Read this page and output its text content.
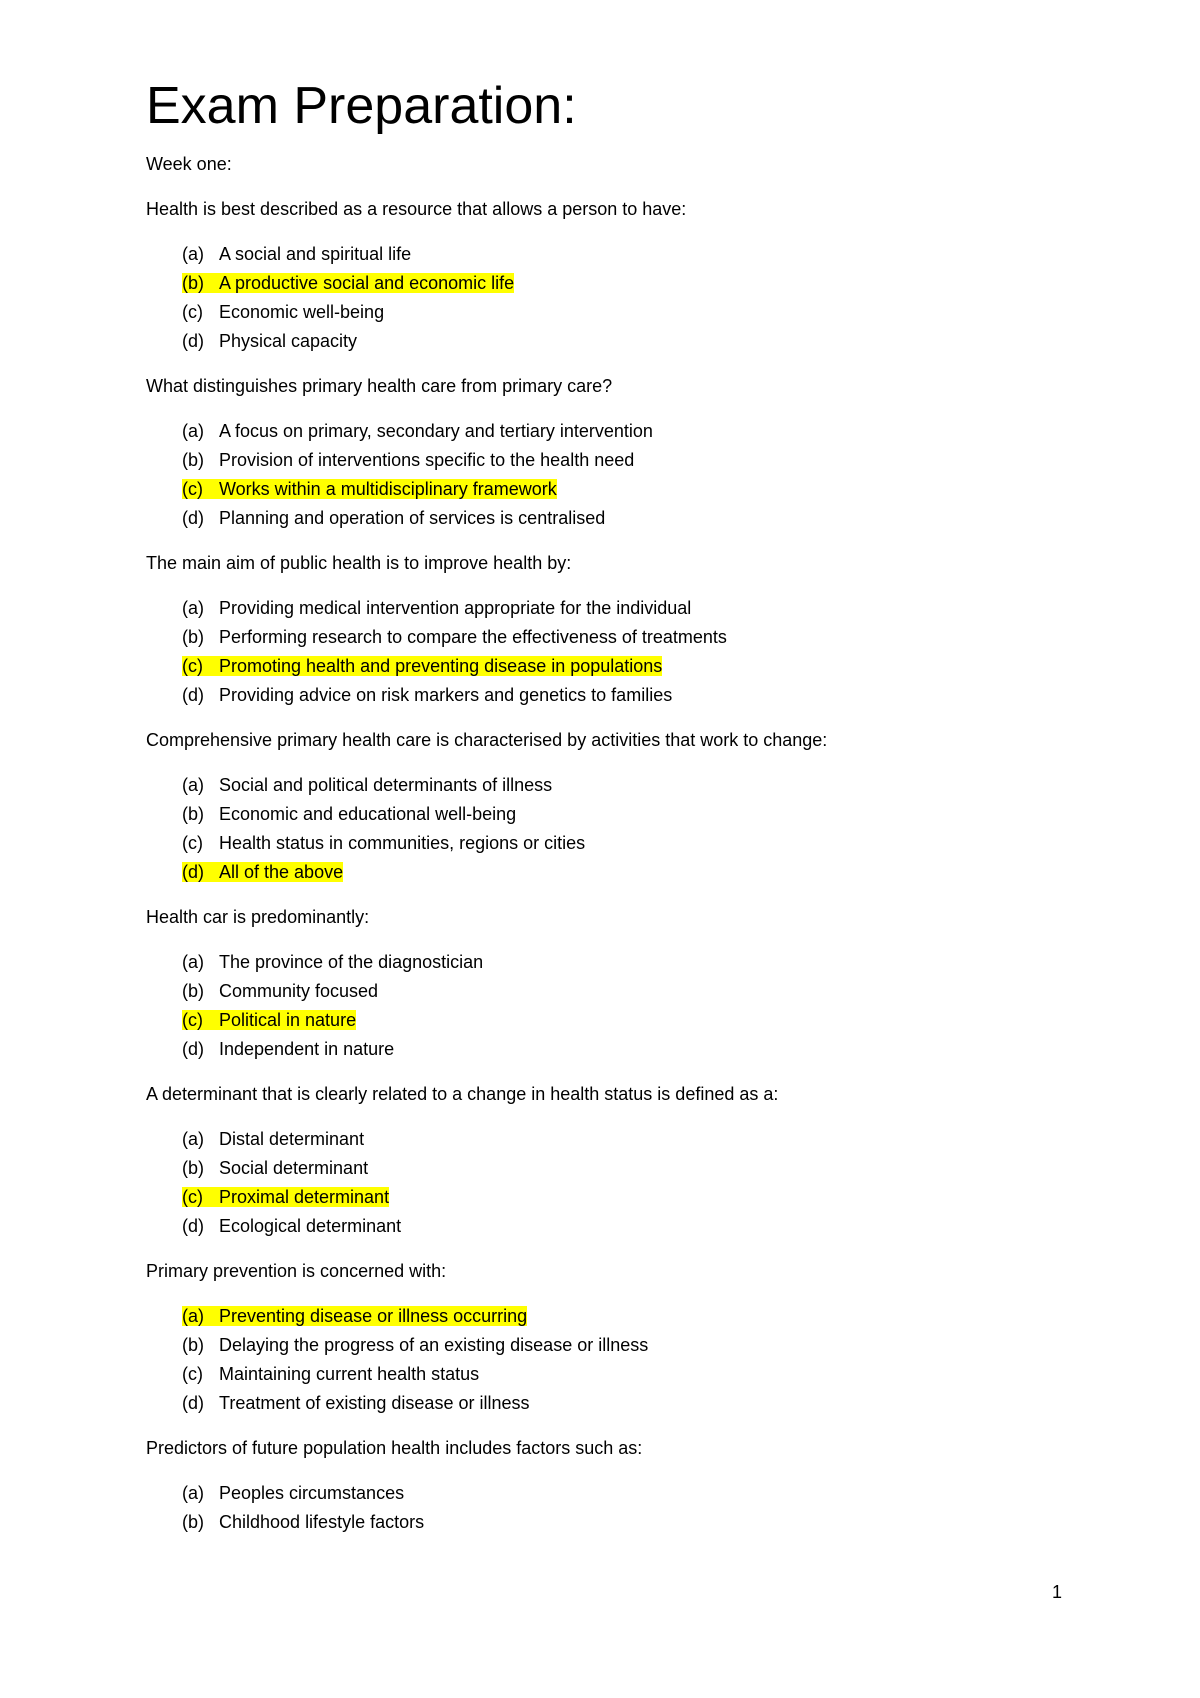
Exam Preparation:
Week one:
Health is best described as a resource that allows a person to have:
(a) A social and spiritual life
(b) A productive social and economic life
(c) Economic well-being
(d) Physical capacity
What distinguishes primary health care from primary care?
(a) A focus on primary, secondary and tertiary intervention
(b) Provision of interventions specific to the health need
(c) Works within a multidisciplinary framework
(d) Planning and operation of services is centralised
The main aim of public health is to improve health by:
(a) Providing medical intervention appropriate for the individual
(b) Performing research to compare the effectiveness of treatments
(c) Promoting health and preventing disease in populations
(d) Providing advice on risk markers and genetics to families
Comprehensive primary health care is characterised by activities that work to change:
(a) Social and political determinants of illness
(b) Economic and educational well-being
(c) Health status in communities, regions or cities
(d) All of the above
Health car is predominantly:
(a) The province of the diagnostician
(b) Community focused
(c) Political in nature
(d) Independent in nature
A determinant that is clearly related to a change in health status is defined as a:
(a) Distal determinant
(b) Social determinant
(c) Proximal determinant
(d) Ecological determinant
Primary prevention is concerned with:
(a) Preventing disease or illness occurring
(b) Delaying the progress of an existing disease or illness
(c) Maintaining current health status
(d) Treatment of existing disease or illness
Predictors of future population health includes factors such as:
(a) Peoples circumstances
(b) Childhood lifestyle factors
1
